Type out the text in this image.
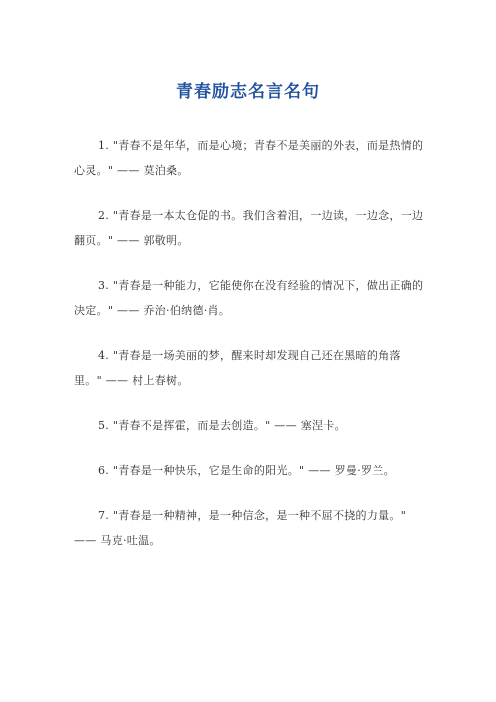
青春励志名言名句

1. "青春不是年华，而是心境；青春不是美丽的外表，而是热情的心灵。" —— 莫泊桑。

2. "青春是一本太仓促的书。我们含着泪，一边读，一边念，一边翻页。" —— 郭敬明。

3. "青春是一种能力，它能使你在没有经验的情况下，做出正确的决定。" —— 乔治·伯纳德·肖。

4. "青春是一场美丽的梦，醒来时却发现自己还在黑暗的角落里。" —— 村上春树。

5. "青春不是挥霍，而是去创造。" —— 塞涅卡。

6. "青春是一种快乐，它是生命的阳光。" —— 罗曼·罗兰。

7. "青春是一种精神，是一种信念，是一种不屈不挠的力量。" —— 马克·吐温。
